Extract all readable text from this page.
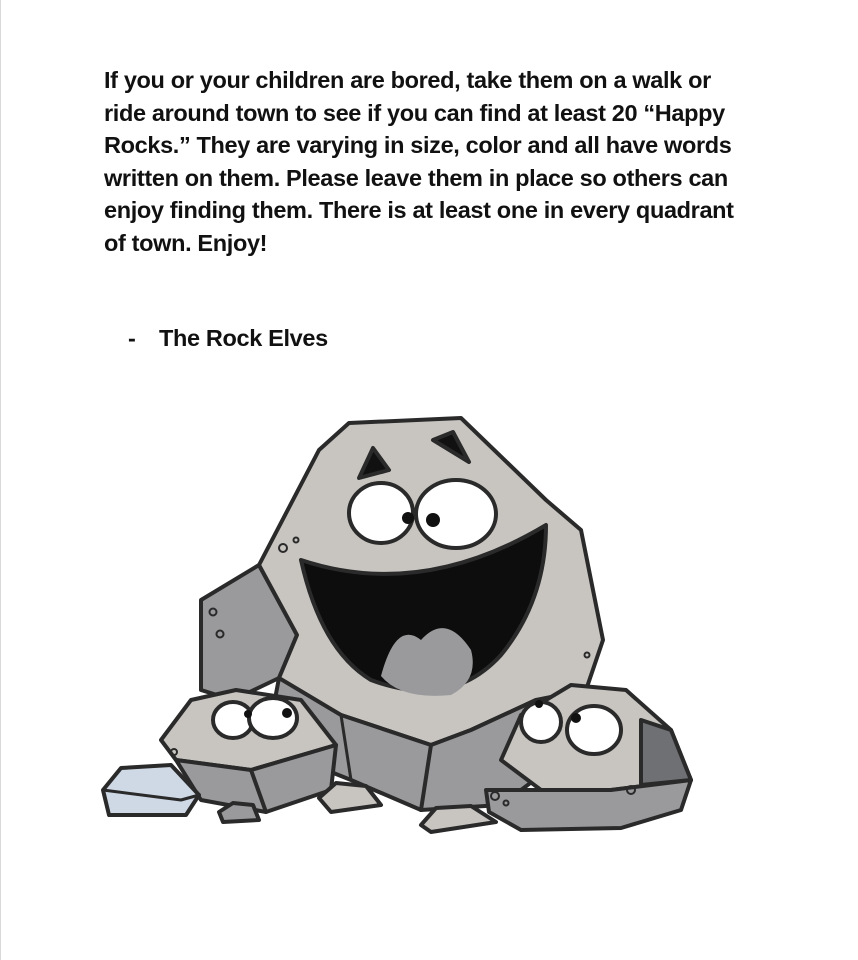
If you or your children are bored, take them on a walk or
ride around town to see if you can find at least 20 “Happy
Rocks.” They are varying in size, color and all have words
written on them. Please leave them in place so others can
enjoy finding them. There is at least one in every quadrant
of town. Enjoy!

- The Rock Elves
